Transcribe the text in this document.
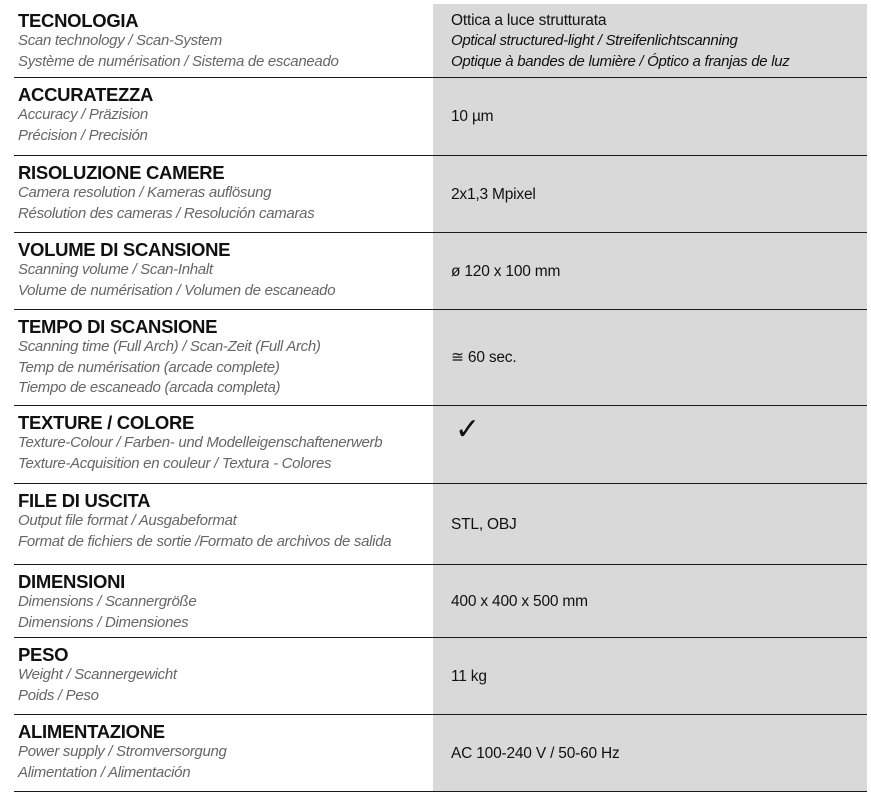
TECNOLOGIA
Scan technology / Scan-System
Système de numérisation / Sistema de escaneado
Ottica a luce strutturata
Optical structured-light / Streifenlichtscanning
Optique à bandes de lumière / Óptico a franjas de luz
ACCURATEZZA
Accuracy / Präzision
Précision / Precisión
10 µm
RISOLUZIONE CAMERE
Camera resolution / Kameras auflösung
Résolution des cameras / Resolución camaras
2x1,3 Mpixel
VOLUME DI SCANSIONE
Scanning volume / Scan-Inhalt
Volume de numérisation / Volumen de escaneado
ø 120 x 100 mm
TEMPO DI SCANSIONE
Scanning time (Full Arch) / Scan-Zeit (Full Arch)
Temp de numérisation (arcade complete)
Tiempo de escaneado (arcada completa)
≅ 60 sec.
TEXTURE / COLORE
Texture-Colour / Farben- und Modelleigenschaftenerwerb
Texture-Acquisition en couleur / Textura - Colores
✓
FILE DI USCITA
Output file format / Ausgabeformat
Format de fichiers de sortie /Formato de archivos de salida
STL, OBJ
DIMENSIONI
Dimensions / Scannergröße
Dimensions / Dimensiones
400 x 400 x 500 mm
PESO
Weight / Scannergewicht
Poids / Peso
11 kg
ALIMENTAZIONE
Power supply / Stromversorgung
Alimentation / Alimentación
AC 100-240 V / 50-60 Hz
